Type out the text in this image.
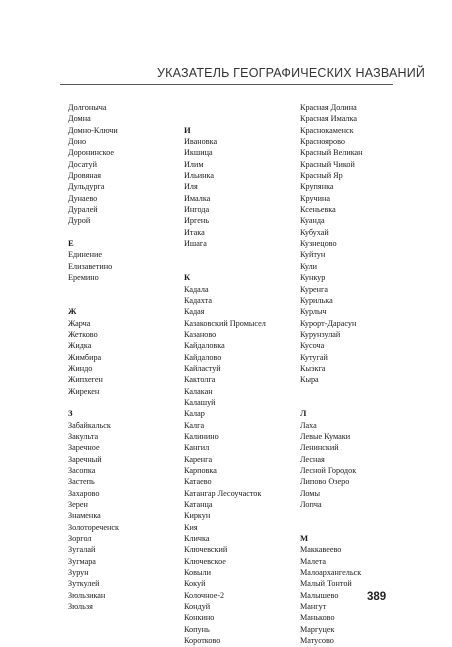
УКАЗАТЕЛЬ ГЕОГРАФИЧЕСКИХ НАЗВАНИЙ
Долгоныча
Домна
Домно-Ключи
Доно
Доронинское
Досатуй
Дровяная
Дульдурга
Дунаево
Дуралей
Дурой
Е
Единение
Елизаветино
Еремино
Ж
Жарча
Жетково
Жидка
Жимбира
Жиндо
Жипхеген
Жирекен
З
Забайкальск
Закульта
Заречное
Заречный
Засопка
Застепь
Захарово
Зерен
Знаменка
Золотореченск
Зоргол
Зугалай
Зугмара
Зурун
Зуткулей
Зюльзикан
Зюльзя
И
Ивановка
Икшица
Илим
Ильинка
Иля
Ималка
Ингода
Иргень
Итака
Ишага
К
Кадала
Кадахта
Кадая
Казаковский Промысел
Казаново
Кайдаловка
Кайдалово
Кайластуй
Кактолга
Калакан
Калашуй
Калар
Калга
Калинино
Кангил
Каренга
Карповка
Катаево
Катангар Лесоучасток
Катанца
Киркун
Кия
Кличка
Ключевский
Ключевское
Ковыли
Кокуй
Колочное-2
Кондуй
Конкино
Копунь
Коротково
Красная Долина
Красная Ималка
Краснокаменск
Красноярово
Красный Великан
Красный Чикой
Красный Яр
Крупянка
Кручина
Ксеньевка
Куанда
Кубухай
Кузнецово
Куйтун
Кули
Кункур
Куренга
Курилька
Курлыч
Курорт-Дарасун
Курунзулай
Кусоча
Кутугай
Кыэкга
Кыра
Л
Лаха
Левые Кумаки
Ленинский
Лесная
Лесной Городок
Липово Озеро
Ломы
Лопча
М
Маккавеево
Малета
Малоархангельск
Малый Тонтой
Малышево
Мангут
Маньково
Маргуцек
Матусово
389
